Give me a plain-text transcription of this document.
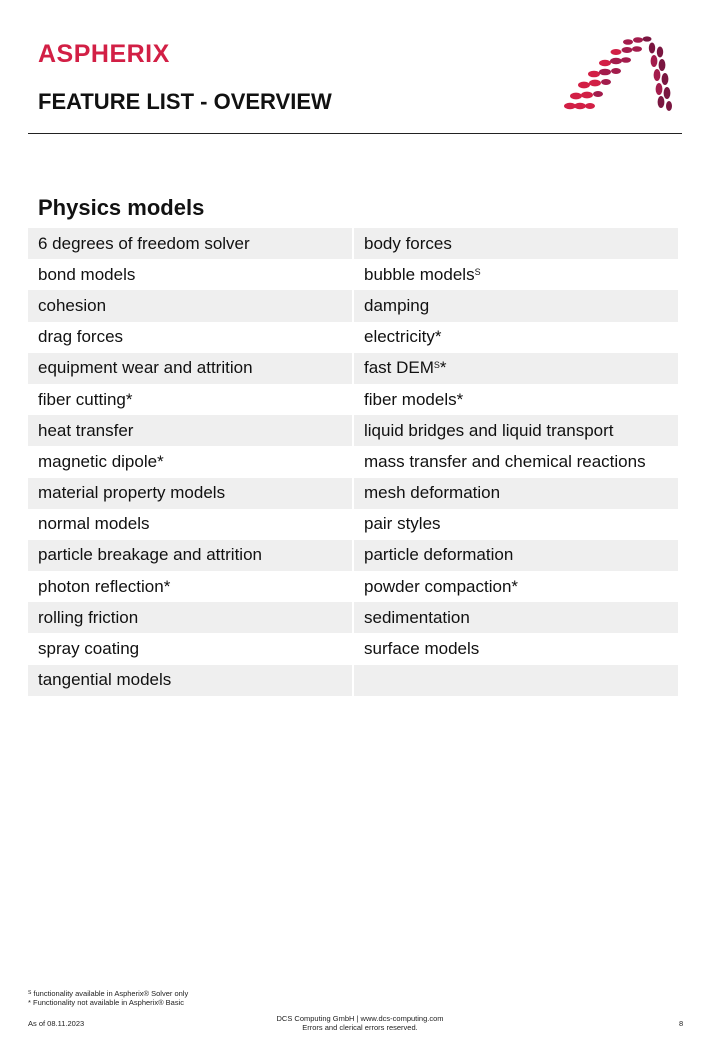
ASPHERIX
FEATURE LIST - OVERVIEW
Physics models
6 degrees of freedom solver	body forces
bond models	bubble models$^S$
cohesion	damping
drag forces	electricity*
equipment wear and attrition	fast $DEM^S*$
fiber cutting*	fiber models*
heat transfer	liquid bridges and liquid transport
magnetic dipole*	mass transfer and chemical reactions
material property models	mesh deformation
normal models	pair styles
particle breakage and attrition	particle deformation
photon reflection*	powder compaction*
rolling friction	sedimentation
spray coating	surface models
tangential models	
$^S$ functionality available in Aspherix® Solver only
* Functionality not available in Aspherix® Basic
As of 08.11.2023
DCS Computing GmbH | www.dcs-computing.com
Errors and clerical errors reserved.	8
